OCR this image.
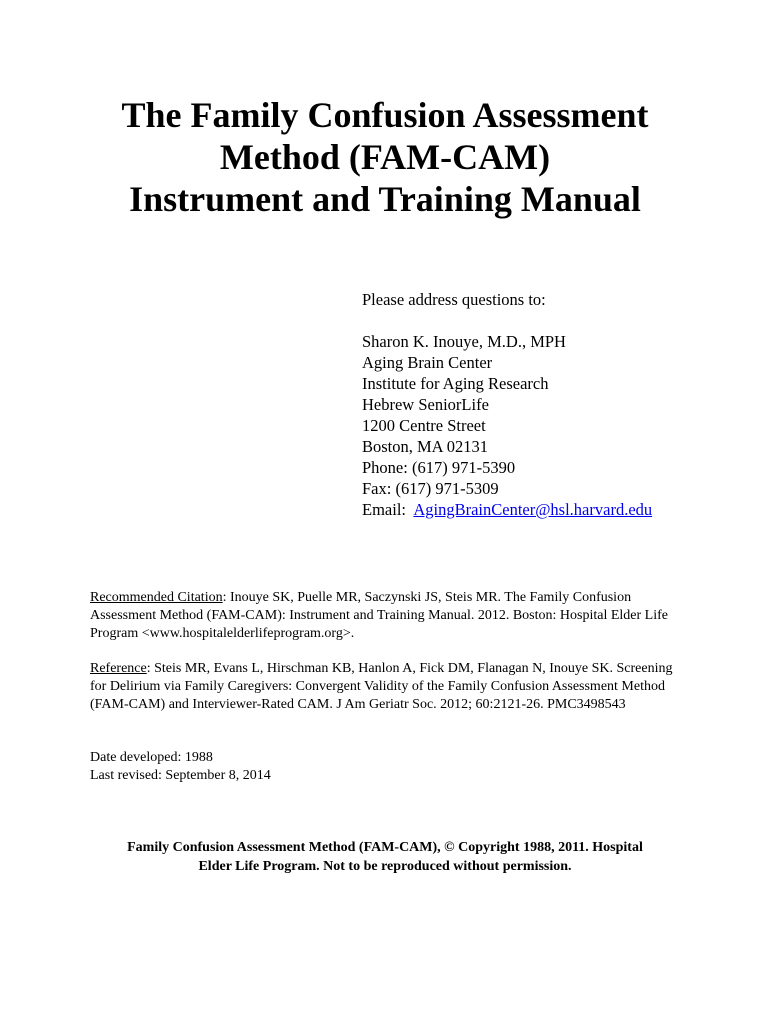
The Family Confusion Assessment
Method (FAM-CAM)
Instrument and Training Manual
Please address questions to:
Sharon K. Inouye, M.D., MPH
Aging Brain Center
Institute for Aging Research
Hebrew SeniorLife
1200 Centre Street
Boston, MA 02131
Phone: (617) 971-5390
Fax: (617) 971-5309
Email: AgingBrainCenter@hsl.harvard.edu

Recommended Citation: Inouye SK, Puelle MR, Saczynski JS, Steis MR. The Family Confusion Assessment Method (FAM-CAM): Instrument and Training Manual. 2012. Boston: Hospital Elder Life Program <www.hospitalelderlifeprogram.org>.

Reference: Steis MR, Evans L, Hirschman KB, Hanlon A, Fick DM, Flanagan N, Inouye SK. Screening for Delirium via Family Caregivers: Convergent Validity of the Family Confusion Assessment Method (FAM-CAM) and Interviewer-Rated CAM. J Am Geriatr Soc. 2012; 60:2121-26. PMC3498543

Date developed: 1988
Last revised: September 8, 2014
Family Confusion Assessment Method (FAM-CAM), © Copyright 1988, 2011. Hospital
Elder Life Program. Not to be reproduced without permission.
